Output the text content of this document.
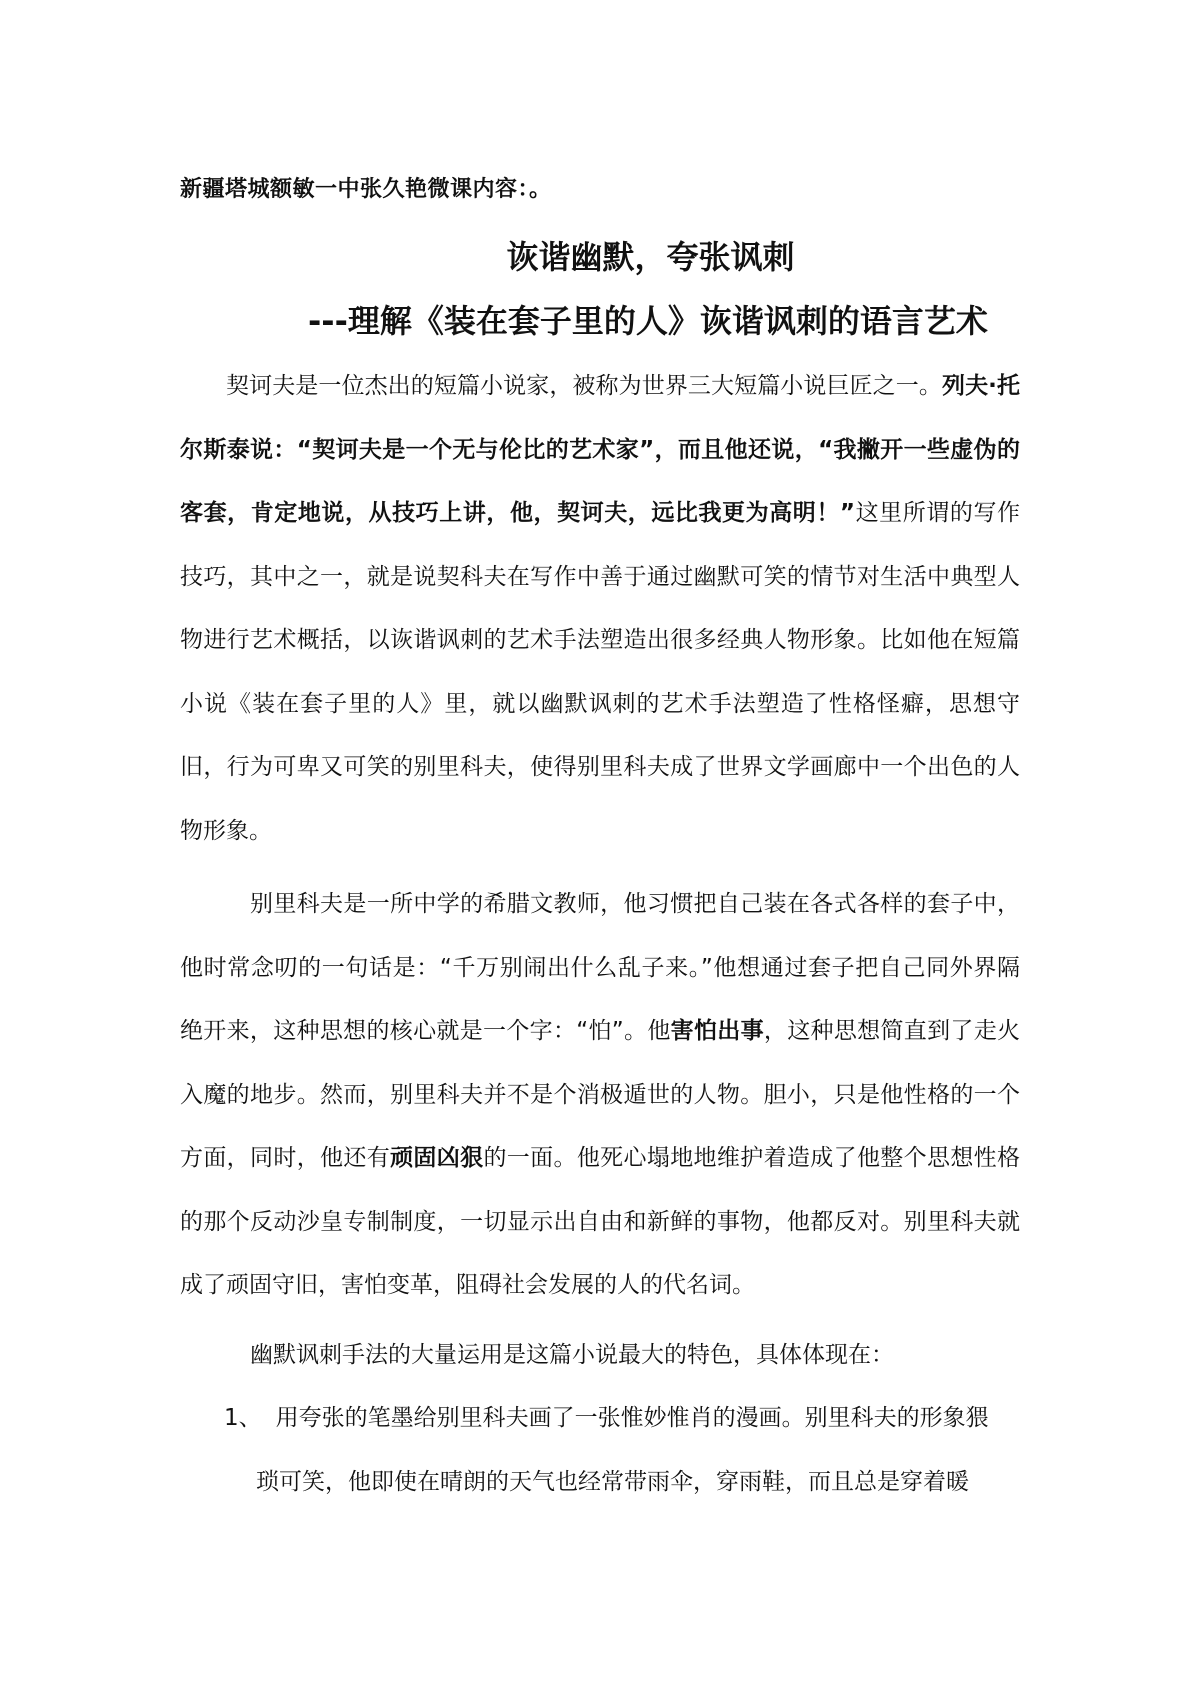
新疆塔城额敏一中张久艳微课内容：。
诙谐幽默，夸张讽刺
---理解《装在套子里的人》诙谐讽刺的语言艺术

契诃夫是一位杰出的短篇小说家，被称为世界三大短篇小说巨匠之一。列夫·托尔斯泰说：“契诃夫是一个无与伦比的艺术家”，而且他还说，“我撇开一些虚伪的客套，肯定地说，从技巧上讲，他，契诃夫，远比我更为高明！”这里所谓的写作技巧，其中之一，就是说契科夫在写作中善于通过幽默可笑的情节对生活中典型人物进行艺术概括，以诙谐讽刺的艺术手法塑造出很多经典人物形象。比如他在短篇小说《装在套子里的人》里，就以幽默讽刺的艺术手法塑造了性格怪癖，思想守旧，行为可卑又可笑的别里科夫，使得别里科夫成了世界文学画廊中一个出色的人物形象。

别里科夫是一所中学的希腊文教师，他习惯把自己装在各式各样的套子中，他时常念叨的一句话是：“千万别闹出什么乱子来。”他想通过套子把自己同外界隔绝开来，这种思想的核心就是一个字：“怕”。他害怕出事，这种思想简直到了走火入魔的地步。然而，别里科夫并不是个消极遁世的人物。胆小，只是他性格的一个方面，同时，他还有顽固凶狠的一面。他死心塌地地维护着造成了他整个思想性格的那个反动沙皇专制制度，一切显示出自由和新鲜的事物，他都反对。别里科夫就成了顽固守旧，害怕变革，阻碍社会发展的人的代名词。

幽默讽刺手法的大量运用是这篇小说最大的特色，具体体现在：

1、 用夸张的笔墨给别里科夫画了一张惟妙惟肖的漫画。别里科夫的形象猥

琐可笑，他即使在晴朗的天气也经常带雨伞，穿雨鞋，而且总是穿着暖
